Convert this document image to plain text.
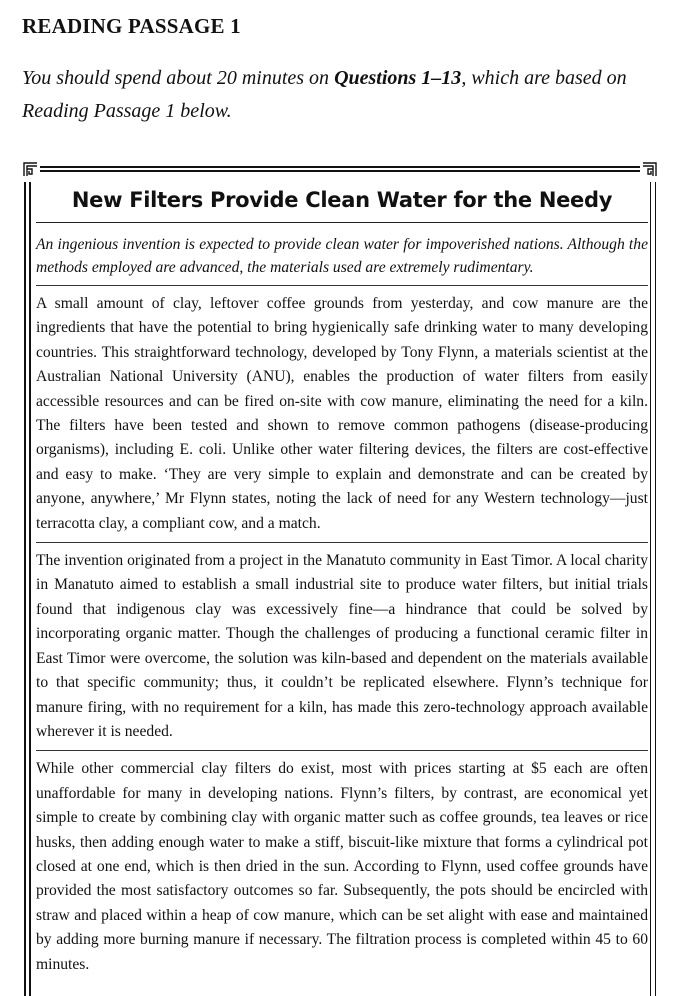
READING PASSAGE 1

You should spend about 20 minutes on Questions 1–13, which are based on Reading Passage 1 below.

New Filters Provide Clean Water for the Needy

An ingenious invention is expected to provide clean water for impoverished nations. Although the methods employed are advanced, the materials used are extremely rudimentary.

A small amount of clay, leftover coffee grounds from yesterday, and cow manure are the ingredients that have the potential to bring hygienically safe drinking water to many developing countries. This straightforward technology, developed by Tony Flynn, a materials scientist at the Australian National University (ANU), enables the production of water filters from easily accessible resources and can be fired on-site with cow manure, eliminating the need for a kiln. The filters have been tested and shown to remove common pathogens (disease-producing organisms), including E. coli. Unlike other water filtering devices, the filters are cost-effective and easy to make. ‘They are very simple to explain and demonstrate and can be created by anyone, anywhere,’ Mr Flynn states, noting the lack of need for any Western technology—just terracotta clay, a compliant cow, and a match.

The invention originated from a project in the Manatuto community in East Timor. A local charity in Manatuto aimed to establish a small industrial site to produce water filters, but initial trials found that indigenous clay was excessively fine—a hindrance that could be solved by incorporating organic matter. Though the challenges of producing a functional ceramic filter in East Timor were overcome, the solution was kiln-based and dependent on the materials available to that specific community; thus, it couldn’t be replicated elsewhere. Flynn’s technique for manure firing, with no requirement for a kiln, has made this zero-technology approach available wherever it is needed.

While other commercial clay filters do exist, most with prices starting at $5 each are often unaffordable for many in developing nations. Flynn’s filters, by contrast, are economical yet simple to create by combining clay with organic matter such as coffee grounds, tea leaves or rice husks, then adding enough water to make a stiff, biscuit-like mixture that forms a cylindrical pot closed at one end, which is then dried in the sun. According to Flynn, used coffee grounds have provided the most satisfactory outcomes so far. Subsequently, the pots should be encircled with straw and placed within a heap of cow manure, which can be set alight with ease and maintained by adding more burning manure if necessary. The filtration process is completed within 45 to 60 minutes.
